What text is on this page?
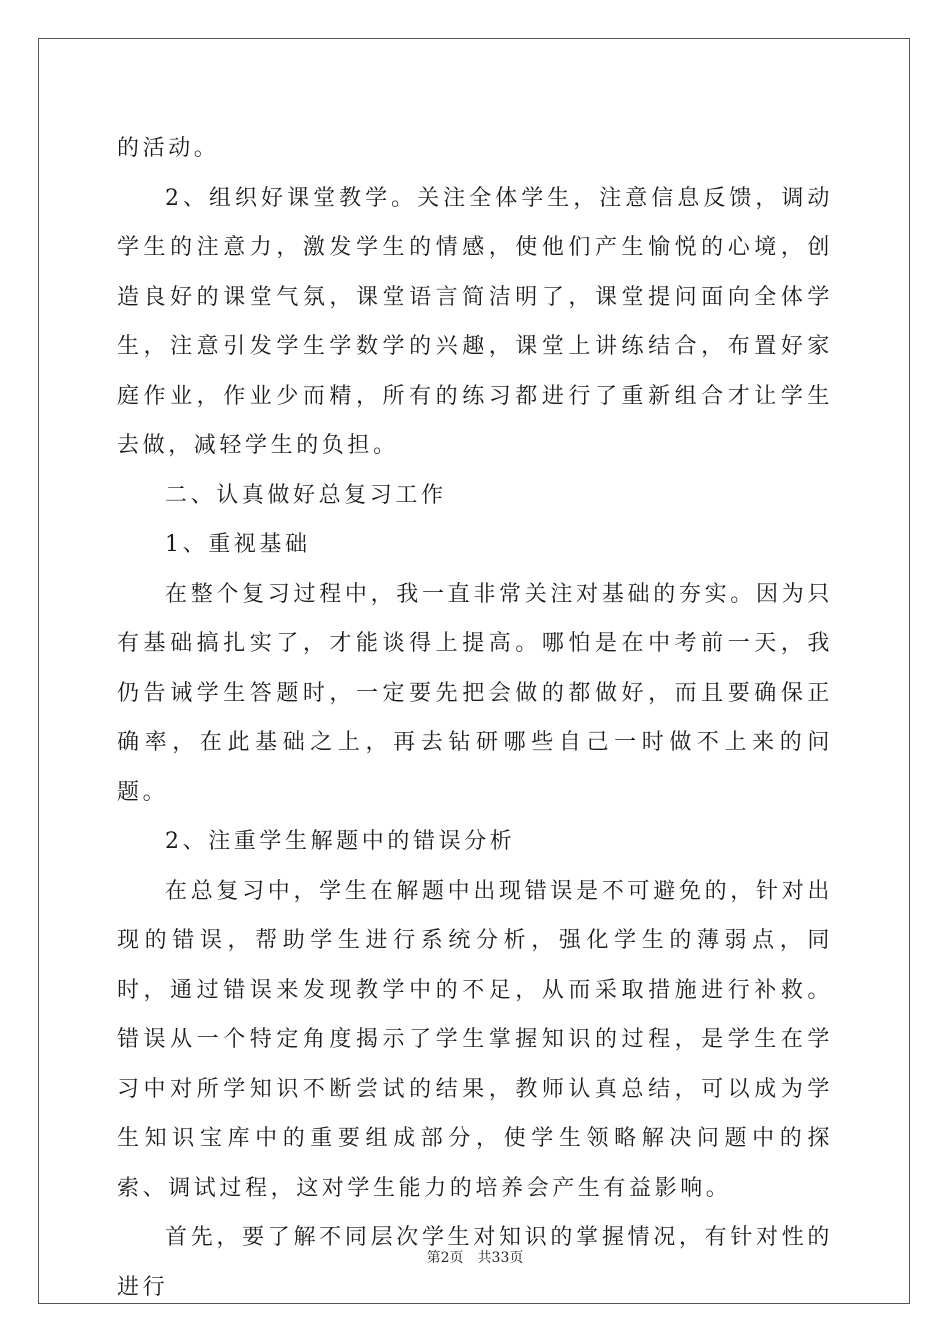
的活动。

2、组织好课堂教学。关注全体学生，注意信息反馈，调动学生的注意力，激发学生的情感，使他们产生愉悦的心境，创造良好的课堂气氛，课堂语言简洁明了，课堂提问面向全体学生，注意引发学生学数学的兴趣，课堂上讲练结合，布置好家庭作业，作业少而精，所有的练习都进行了重新组合才让学生去做，减轻学生的负担。

二、认真做好总复习工作

1、重视基础

在整个复习过程中，我一直非常关注对基础的夯实。因为只有基础搞扎实了，才能谈得上提高。哪怕是在中考前一天，我仍告诫学生答题时，一定要先把会做的都做好，而且要确保正确率，在此基础之上，再去钻研哪些自己一时做不上来的问题。

2、注重学生解题中的错误分析

在总复习中，学生在解题中出现错误是不可避免的，针对出现的错误，帮助学生进行系统分析，强化学生的薄弱点，同时，通过错误来发现教学中的不足，从而采取措施进行补救。错误从一个特定角度揭示了学生掌握知识的过程，是学生在学习中对所学知识不断尝试的结果，教师认真总结，可以成为学生知识宝库中的重要组成部分，使学生领略解决问题中的探索、调试过程，这对学生能力的培养会产生有益影响。

首先，要了解不同层次学生对知识的掌握情况，有针对性的进行

第2页 共33页
